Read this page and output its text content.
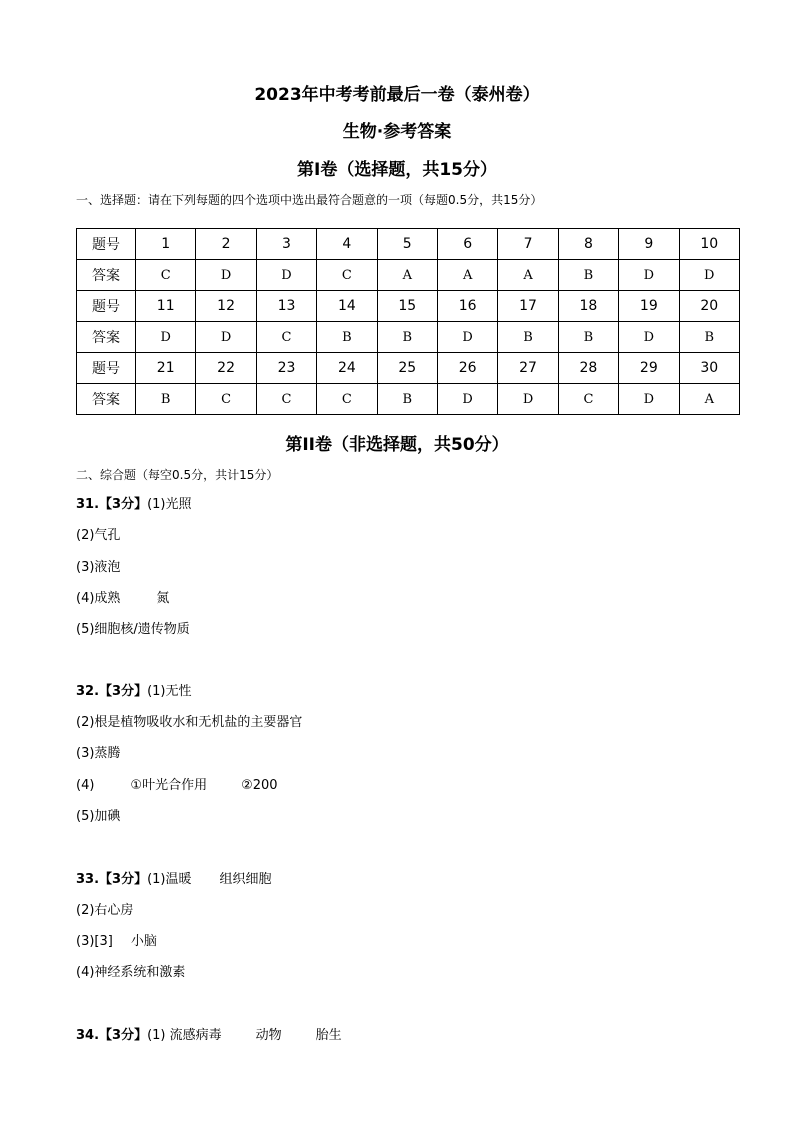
2023年中考考前最后一卷（泰州卷）
生物·参考答案
第I卷（选择题，共15分）
一、选择题：请在下列每题的四个选项中选出最符合题意的一项（每题0.5分，共15分）
题号	1	2	3	4	5	6	7	8	9	10
答案	C	D	D	C	A	A	A	B	D	D
题号	11	12	13	14	15	16	17	18	19	20
答案	D	D	C	B	B	D	B	B	D	B
题号	21	22	23	24	25	26	27	28	29	30
答案	B	C	C	C	B	D	D	C	D	A
第II卷（非选择题，共50分）
二、综合题（每空0.5分，共计15分）
31.【3分】(1)光照
(2)气孔
(3)液泡
(4)成熟	氮
(5)细胞核/遗传物质
32.【3分】(1)无性
(2)根是植物吸收水和无机盐的主要器官
(3)蒸腾
(4)	①叶光合作用	②200
(5)加碘
33.【3分】(1)温暖 组织细胞
(2)右心房
(3)[3] 小脑
(4)神经系统和激素
34.【3分】(1) 流感病毒	动物	胎生
